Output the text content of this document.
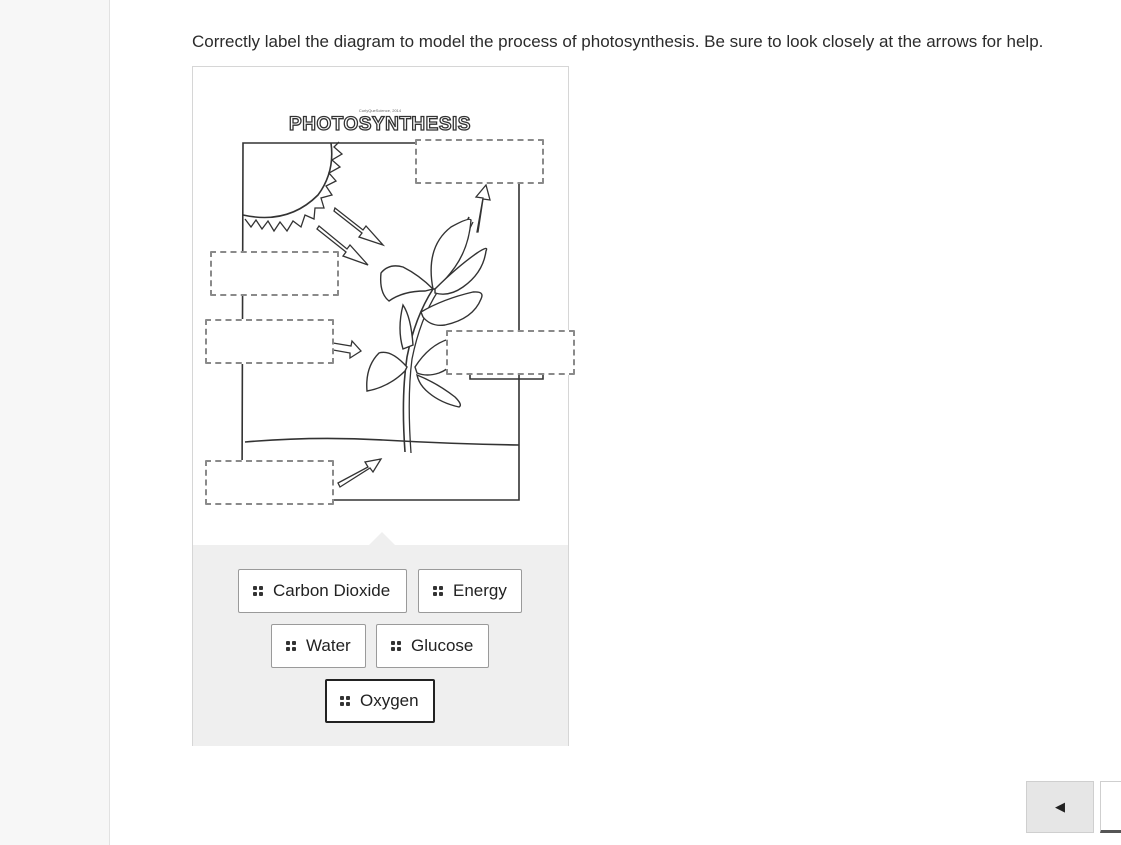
Correctly label the diagram to model the process of photosynthesis. Be sure to look closely at the arrows for help.
CurlyQueScience, 2014
PHOTOSYNTHESIS
Carbon Dioxide	Energy
Water	Glucose
Oxygen
◀
